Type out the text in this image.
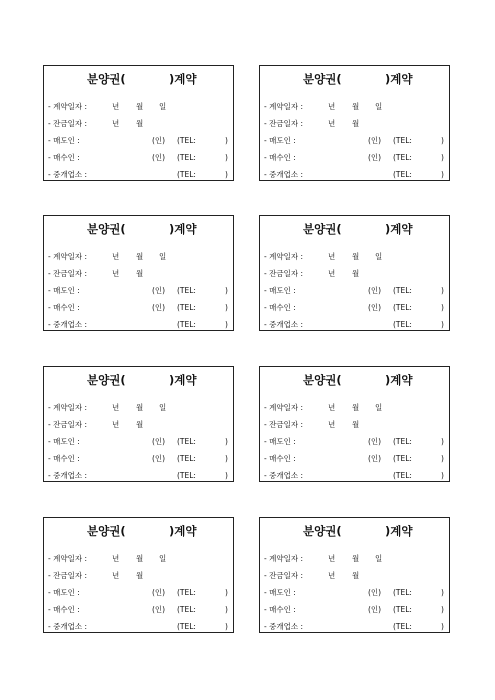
분양권(

	)계약

- 계약일자 :	년 월 일
- 잔금일자 :	년 월
- 매도인 :	(인) (TEL:	)
- 매수인 :	(인) (TEL:	)
- 중개업소 :	(TEL:	)

분양권(

	)계약

- 계약일자 :	년 월 일
- 잔금일자 :	년 월
- 매도인 :	(인) (TEL:	)
- 매수인 :	(인) (TEL:	)
- 중개업소 :	(TEL:	)

분양권(

	)계약

- 계약일자 :	년 월 일
- 잔금일자 :	년 월
- 매도인 :	(인) (TEL:	)
- 매수인 :	(인) (TEL:	)
- 중개업소 :	(TEL:	)

분양권(

	)계약

- 계약일자 :	년 월 일
- 잔금일자 :	년 월
- 매도인 :	(인) (TEL:	)
- 매수인 :	(인) (TEL:	)
- 중개업소 :	(TEL:	)

분양권(

	)계약

- 계약일자 :	년 월 일
- 잔금일자 :	년 월
- 매도인 :	(인) (TEL:	)
- 매수인 :	(인) (TEL:	)
- 중개업소 :	(TEL:	)

분양권(

	)계약

- 계약일자 :	년 월 일
- 잔금일자 :	년 월
- 매도인 :	(인) (TEL:	)
- 매수인 :	(인) (TEL:	)
- 중개업소 :	(TEL:	)

분양권(

	)계약

- 계약일자 :	년 월 일
- 잔금일자 :	년 월
- 매도인 :	(인) (TEL:	)
- 매수인 :	(인) (TEL:	)
- 중개업소 :	(TEL:	)

분양권(

	)계약

- 계약일자 :	년 월 일
- 잔금일자 :	년 월
- 매도인 :	(인) (TEL:	)
- 매수인 :	(인) (TEL:	)
- 중개업소 :	(TEL:	)
